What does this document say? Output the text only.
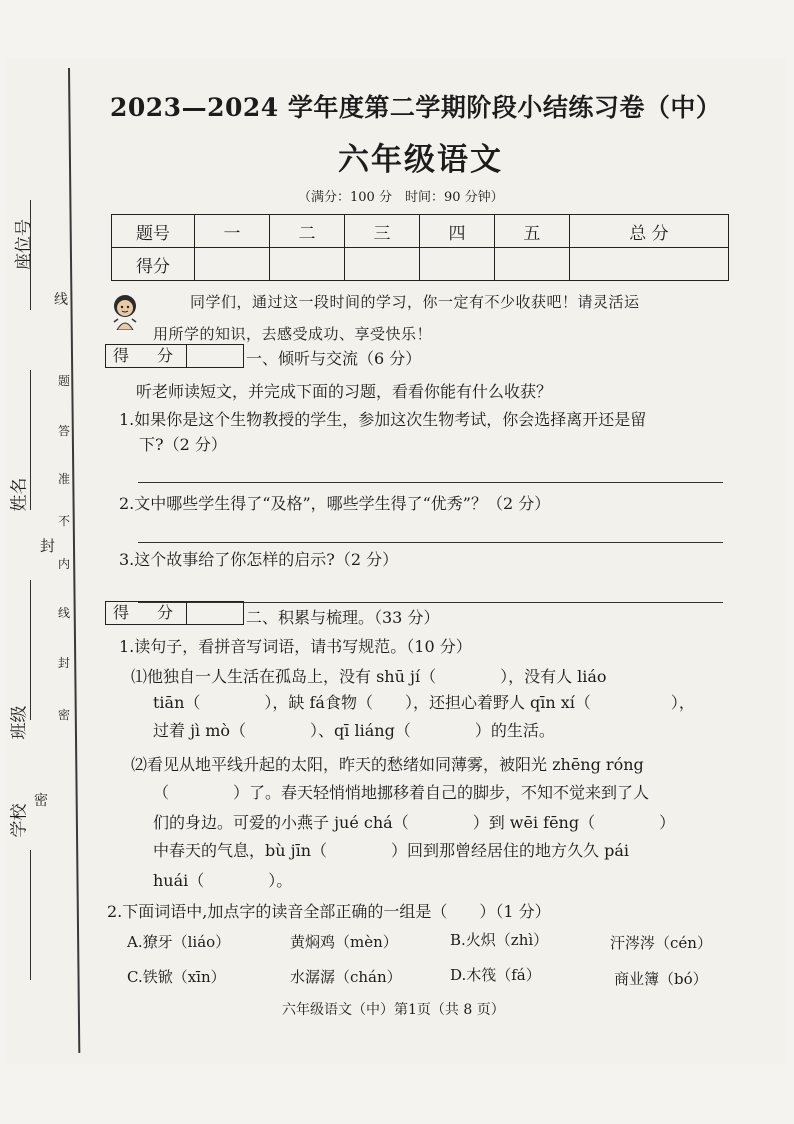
座位号
姓名
班级
学校
线
题
答
准
不
内
线
封
密
封
密
2023—2024 学年度第二学期阶段小结练习卷（中）
六年级语文
（满分：100 分　时间：90 分钟）
题号	一	二	三	四	五	总 分
得分						
同学们，通过这一段时间的学习，你一定有不少收获吧！请灵活运
用所学的知识，去感受成功、享受快乐！
得　分	一、倾听与交流（6 分）
听老师读短文，并完成下面的习题，看看你能有什么收获？
1.如果你是这个生物教授的学生，参加这次生物考试，你会选择离开还是留
下?（2 分）
2.文中哪些学生得了“及格”，哪些学生得了“优秀”？（2 分）
3.这个故事给了你怎样的启示?（2 分）
得　分	二、积累与梳理。（33 分）
1.读句子，看拼音写词语，请书写规范。（10 分）
⑴他独自一人生活在孤岛上，没有 shū jí（　　　　），没有人 liáo
tiān（　　　　），缺 fá食物（　　），还担心着野人 qīn xí（　　　　　），
过着 jì mò（　　　　）、qī liáng（　　　　）的生活。
⑵看见从地平线升起的太阳，昨天的愁绪如同薄雾，被阳光 zhēng róng
（　　　　）了。春天轻悄悄地挪移着自己的脚步，不知不觉来到了人
们的身边。可爱的小燕子 jué chá（　　　　）到 wēi fēng（　　　　）
中春天的气息，bù jīn（　　　　）回到那曾经居住的地方久久 pái
huái（　　　　）。
2.下面词语中,加点字的读音全部正确的一组是（　　）（1 分）
A.獠牙（liáo）	黄焖鸡（mèn）	B.火炽（zhì）	汗涔涔（cén）
C.铁锨（xīn）	水潺潺（chán）	D.木筏（fá）	商业簿（bó）
六年级语文（中）第1页（共 8 页）
